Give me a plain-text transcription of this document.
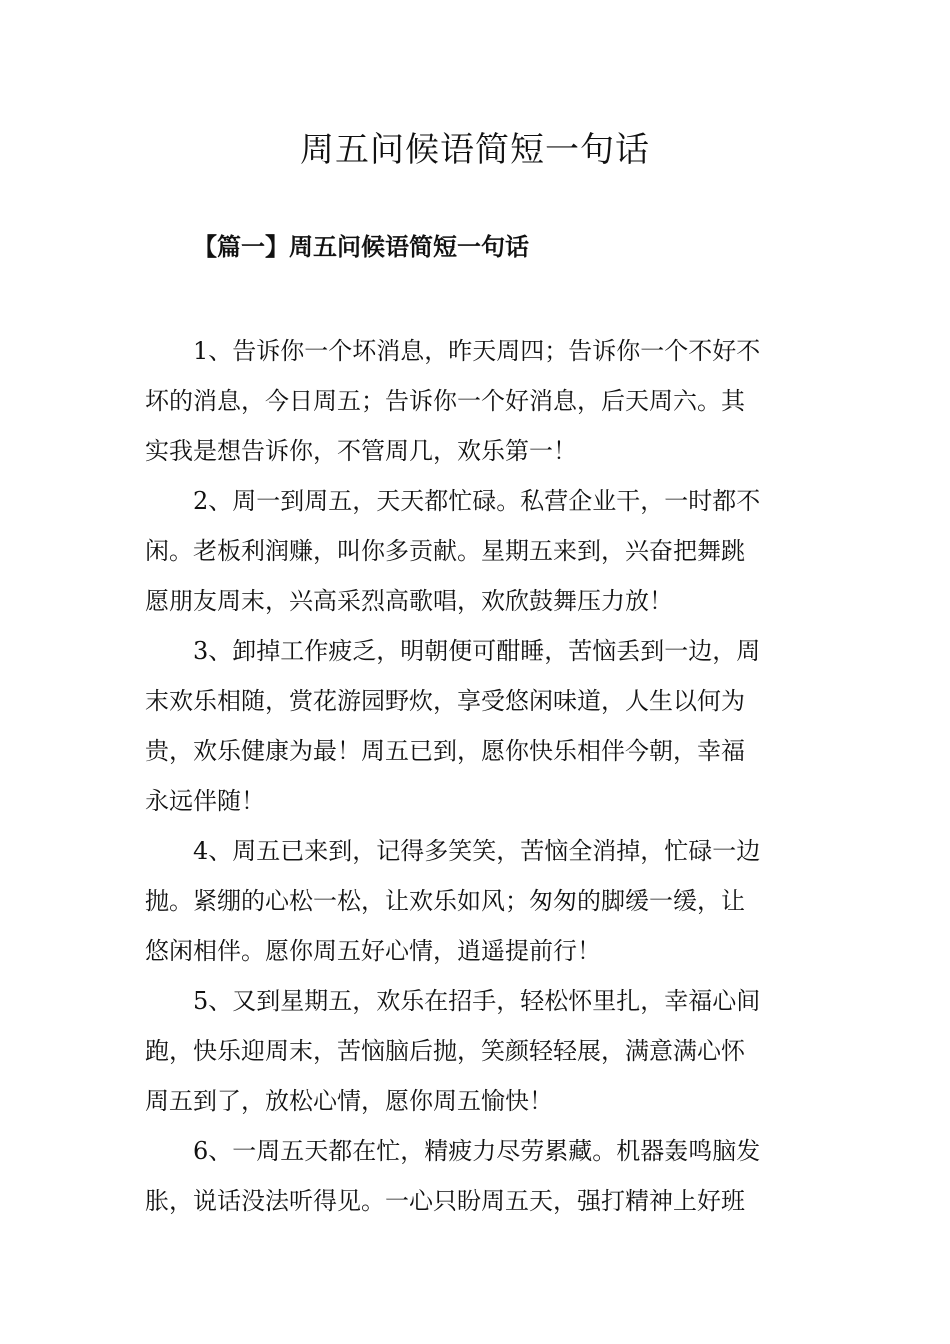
周五问候语简短一句话
【篇一】周五问候语简短一句话

1、告诉你一个坏消息，昨天周四；告诉你一个不好不
坏的消息，今日周五；告诉你一个好消息，后天周六。其
实我是想告诉你，不管周几，欢乐第一！

2、周一到周五，天天都忙碌。私营企业干，一时都不
闲。老板利润赚，叫你多贡献。星期五来到，兴奋把舞跳
愿朋友周末，兴高采烈高歌唱，欢欣鼓舞压力放！

3、卸掉工作疲乏，明朝便可酣睡，苦恼丢到一边，周
末欢乐相随，赏花游园野炊，享受悠闲味道，人生以何为
贵，欢乐健康为最！周五已到，愿你快乐相伴今朝，幸福
永远伴随！

4、周五已来到，记得多笑笑，苦恼全消掉，忙碌一边
抛。紧绷的心松一松，让欢乐如风；匆匆的脚缓一缓，让
悠闲相伴。愿你周五好心情，逍遥提前行！

5、又到星期五，欢乐在招手，轻松怀里扎，幸福心间
跑，快乐迎周末，苦恼脑后抛，笑颜轻轻展，满意满心怀
周五到了，放松心情，愿你周五愉快！

6、一周五天都在忙，精疲力尽劳累藏。机器轰鸣脑发
胀，说话没法听得见。一心只盼周五天，强打精神上好班
